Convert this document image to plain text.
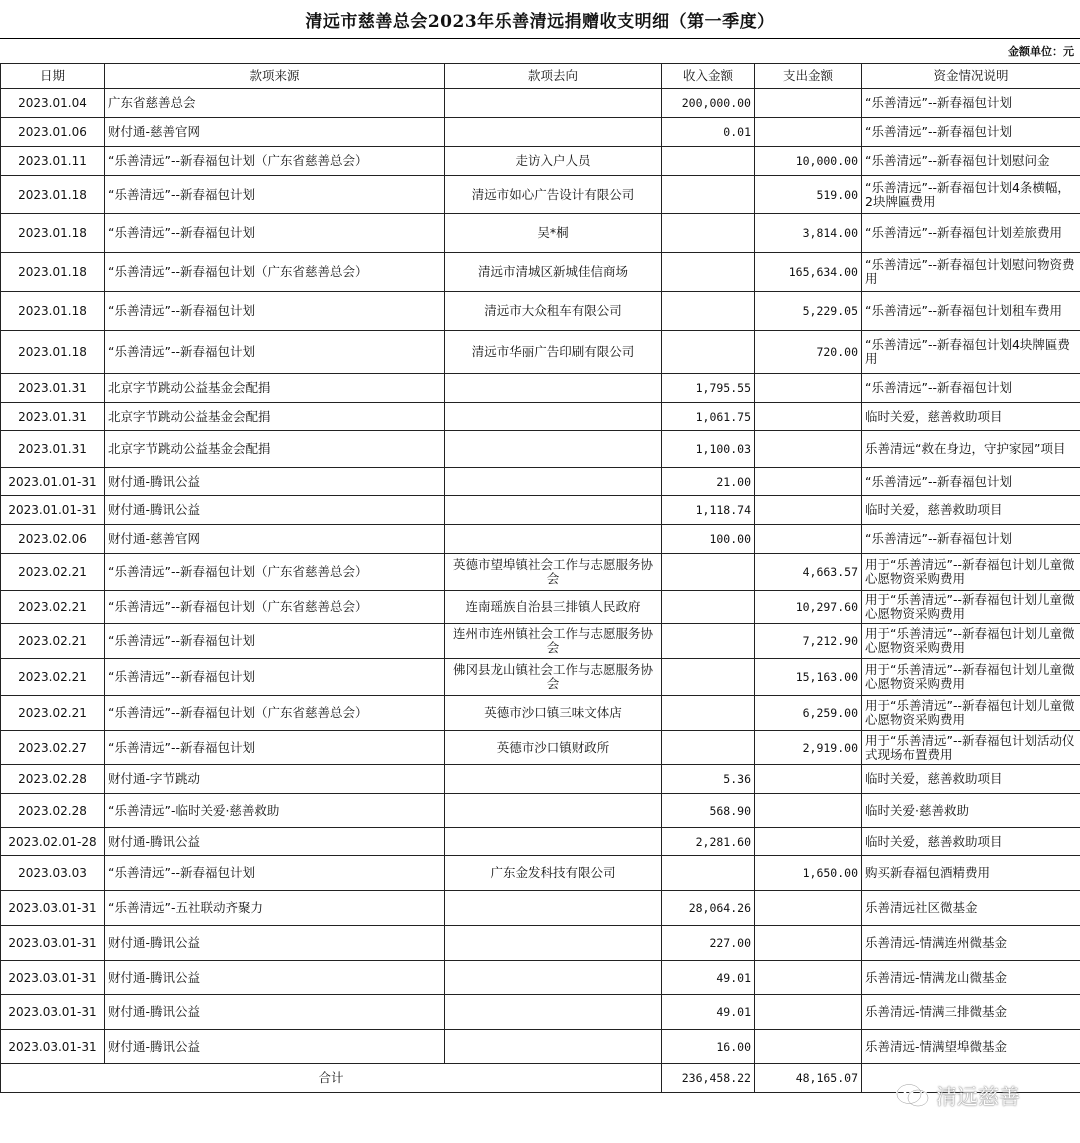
清远市慈善总会2023年乐善清远捐赠收支明细（第一季度）
金额单位：元
日期	款项来源	款项去向	收入金额	支出金额	资金情况说明
2023.01.04	广东省慈善总会		200,000.00		“乐善清远”--新春福包计划
2023.01.06	财付通-慈善官网		0.01		“乐善清远”--新春福包计划
2023.01.11	“乐善清远”--新春福包计划（广东省慈善总会）	走访入户人员		10,000.00	“乐善清远”--新春福包计划慰问金
2023.01.18	“乐善清远”--新春福包计划	清远市如心广告设计有限公司		519.00	“乐善清远”--新春福包计划4条横幅，2块牌匾费用
2023.01.18	“乐善清远”--新春福包计划	吴*桐		3,814.00	“乐善清远”--新春福包计划差旅费用
2023.01.18	“乐善清远”--新春福包计划（广东省慈善总会）	清远市清城区新城佳信商场		165,634.00	“乐善清远”--新春福包计划慰问物资费用
2023.01.18	“乐善清远”--新春福包计划	清远市大众租车有限公司		5,229.05	“乐善清远”--新春福包计划租车费用
2023.01.18	“乐善清远”--新春福包计划	清远市华丽广告印刷有限公司		720.00	“乐善清远”--新春福包计划4块牌匾费用
2023.01.31	北京字节跳动公益基金会配捐		1,795.55		“乐善清远”--新春福包计划
2023.01.31	北京字节跳动公益基金会配捐		1,061.75		临时关爱，慈善救助项目
2023.01.31	北京字节跳动公益基金会配捐		1,100.03		乐善清远“救在身边，守护家园”项目
2023.01.01-31	财付通-腾讯公益		21.00		“乐善清远”--新春福包计划
2023.01.01-31	财付通-腾讯公益		1,118.74		临时关爱，慈善救助项目
2023.02.06	财付通-慈善官网		100.00		“乐善清远”--新春福包计划
2023.02.21	“乐善清远”--新春福包计划（广东省慈善总会）	英德市望埠镇社会工作与志愿服务协会		4,663.57	用于“乐善清远”--新春福包计划儿童微心愿物资采购费用
2023.02.21	“乐善清远”--新春福包计划（广东省慈善总会）	连南瑶族自治县三排镇人民政府		10,297.60	用于“乐善清远”--新春福包计划儿童微心愿物资采购费用
2023.02.21	“乐善清远”--新春福包计划	连州市连州镇社会工作与志愿服务协会		7,212.90	用于“乐善清远”--新春福包计划儿童微心愿物资采购费用
2023.02.21	“乐善清远”--新春福包计划	佛冈县龙山镇社会工作与志愿服务协会		15,163.00	用于“乐善清远”--新春福包计划儿童微心愿物资采购费用
2023.02.21	“乐善清远”--新春福包计划（广东省慈善总会）	英德市沙口镇三味文体店		6,259.00	用于“乐善清远”--新春福包计划儿童微心愿物资采购费用
2023.02.27	“乐善清远”--新春福包计划	英德市沙口镇财政所		2,919.00	用于“乐善清远”--新春福包计划活动仪式现场布置费用
2023.02.28	财付通-字节跳动		5.36		临时关爱，慈善救助项目
2023.02.28	“乐善清远”-临时关爱·慈善救助		568.90		临时关爱·慈善救助
2023.02.01-28	财付通-腾讯公益		2,281.60		临时关爱，慈善救助项目
2023.03.03	“乐善清远”--新春福包计划	广东金发科技有限公司		1,650.00	购买新春福包酒精费用
2023.03.01-31	“乐善清远”-五社联动齐聚力		28,064.26		乐善清远社区微基金
2023.03.01-31	财付通-腾讯公益		227.00		乐善清远-情满连州微基金
2023.03.01-31	财付通-腾讯公益		49.01		乐善清远-情满龙山微基金
2023.03.01-31	财付通-腾讯公益		49.01		乐善清远-情满三排微基金
2023.03.01-31	财付通-腾讯公益		16.00		乐善清远-情满望埠微基金
合计			236,458.22	48,165.07	
清远慈善
